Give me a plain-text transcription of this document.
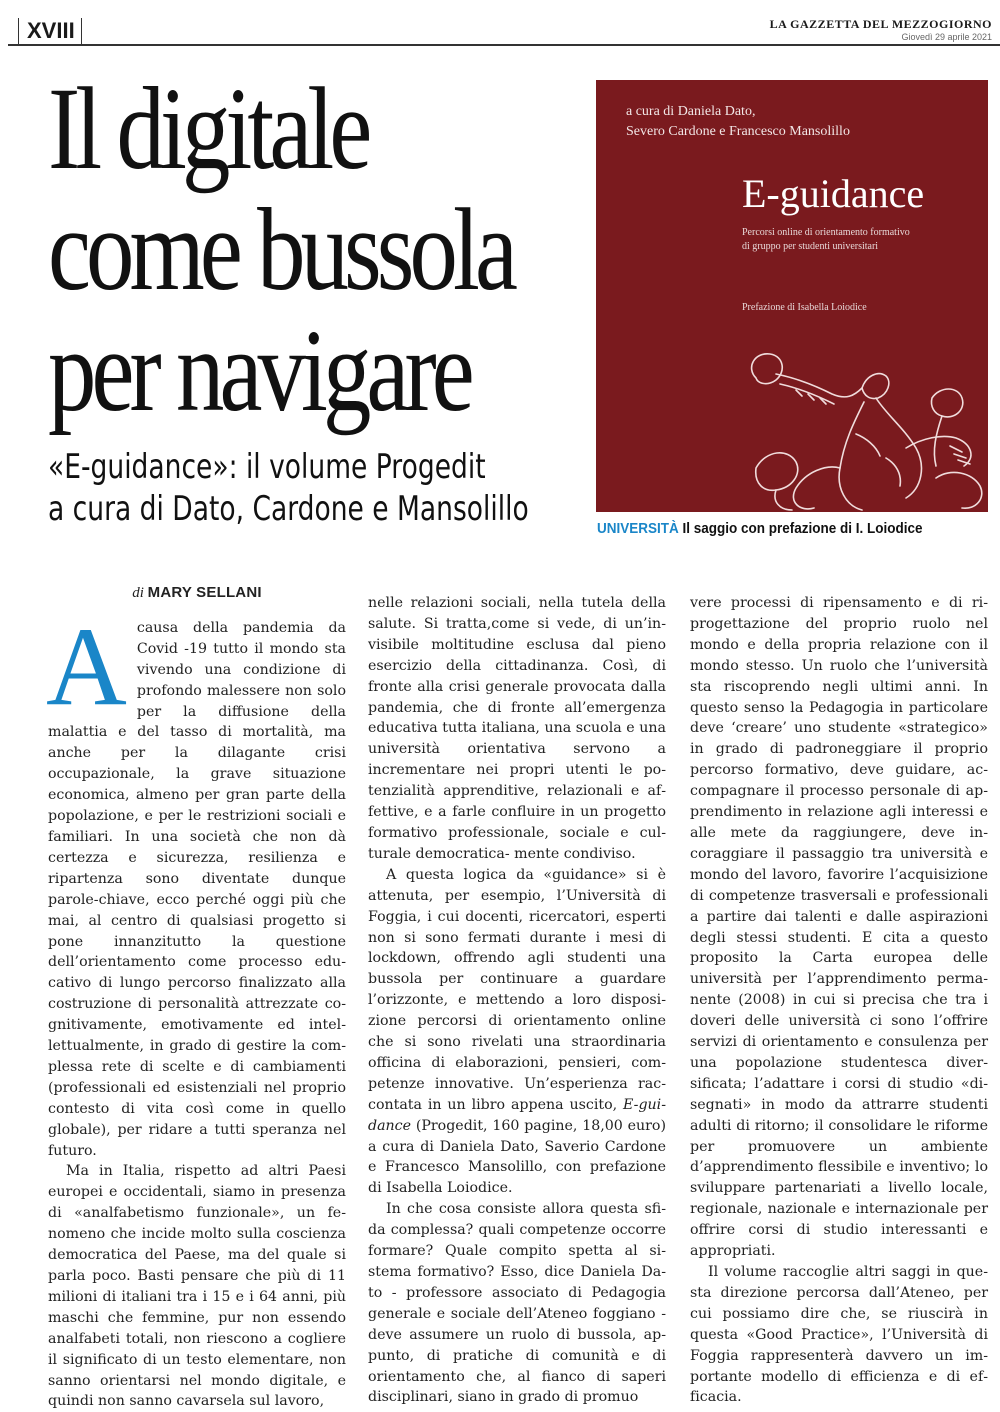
XVIII	LA GAZZETTA DEL MEZZOGIORNO
Giovedì 29 aprile 2021
Il digitale
come bussola
per navigare
«E-guidance»: il volume Progedit
a cura di Dato, Cardone e Mansolillo
a cura di Daniela Dato,
Severo Cardone e Francesco Mansolillo
E-guidance
Percorsi online di orientamento formativo
di gruppo per studenti universitari
Prefazione di Isabella Loiodice
UNIVERSITÀ Il saggio con prefazione di I. Loiodice
di MARY SELLANI

Acausa della pandemia da Covid -19 tutto il mondo sta vivendo una condizione di profondo malessere non solo per la diffusione della malattia e del tasso di mortalità, ma anche per la dilagante crisi occupazionale, la grave situazione economica, almeno per gran parte della popolazione, e per le restrizioni sociali e familiari. In una società che non dà certezza e sicurezza, resilienza e ripartenza sono diventate dunque parole-chiave, ecco perché oggi più che mai, al centro di qualsiasi progetto si pone innanzitutto la questione dell’orientamento come processo educativo di lungo percorso finalizzato alla costruzione di personalità attrezzate cognitivamente, emotivamente ed intellettualmente, in grado di gestire la complessa rete di scelte e di cambiamenti (professionali ed esistenziali nel proprio contesto di vita così come in quello globale), per ridare a tutti speranza nel futuro.

Ma in Italia, rispetto ad altri Paesi europei e occidentali, siamo in presenza di «analfabetismo funzionale», un fenomeno che incide molto sulla coscienza democratica del Paese, ma del quale si parla poco. Basti pensare che più di 11 milioni di italiani tra i 15 e i 64 anni, più maschi che femmine, pur non essendo analfabeti totali, non riescono a cogliere il significato di un testo elementare, non sanno orientarsi nel mondo digitale, e quindi non sanno cavarsela sul lavoro,

nelle relazioni sociali, nella tutela della salute. Si tratta,come si vede, di un’invisibile moltitudine esclusa dal pieno esercizio della cittadinanza. Così, di fronte alla crisi generale provocata dalla pandemia, che di fronte all’emergenza educativa tutta italiana, una scuola e una università orientativa servono a incrementare nei propri utenti le potenzialità apprenditive, relazionali e affettive, e a farle confluire in un progetto formativo professionale, sociale e culturale democratica- mente condiviso.

A questa logica da «guidance» si è attenuta, per esempio, l’Università di Foggia, i cui docenti, ricercatori, esperti non si sono fermati durante i mesi di lockdown, offrendo agli studenti una bussola per continuare a guardare l’orizzonte, e mettendo a loro disposizione percorsi di orientamento online che si sono rivelati una straordinaria officina di elaborazioni, pensieri, competenze innovative. Un’esperienza raccontata in un libro appena uscito, E-guidance (Progedit, 160 pagine, 18,00 euro) a cura di Daniela Dato, Saverio Cardone e Francesco Mansolillo, con prefazione di Isabella Loiodice.

In che cosa consiste allora questa sfida complessa? quali competenze occorre formare? Quale compito spetta al sistema formativo? Esso, dice Daniela Dato - professore associato di Pedagogia generale e sociale dell’Ateneo foggiano - deve assumere un ruolo di bussola, appunto, di pratiche di comunità e di orientamento che, al fianco di saperi disciplinari, siano in grado di promuo

vere processi di ripensamento e di riprogettazione del proprio ruolo nel mondo e della propria relazione con il mondo stesso. Un ruolo che l’università sta riscoprendo negli ultimi anni. In questo senso la Pedagogia in particolare deve ‘creare’ uno studente «strategico» in grado di padroneggiare il proprio percorso formativo, deve guidare, accompagnare il processo personale di apprendimento in relazione agli interessi e alle mete da raggiungere, deve incoraggiare il passaggio tra università e mondo del lavoro, favorire l’acquisizione di competenze trasversali e professionali a partire dai talenti e dalle aspirazioni degli stessi studenti. E cita a questo proposito la Carta europea delle università per l’apprendimento permanente (2008) in cui si precisa che tra i doveri delle università ci sono l’offrire servizi di orientamento e consulenza per una popolazione studentesca diversificata; l’adattare i corsi di studio «disegnati» in modo da attrarre studenti adulti di ritorno; il consolidare le riforme per promuovere un ambiente d’apprendimento flessibile e inventivo; lo sviluppare partenariati a livello locale, regionale, nazionale e internazionale per offrire corsi di studio interessanti e appropriati.

Il volume raccoglie altri saggi in questa direzione percorsa dall’Ateneo, per cui possiamo dire che, se riuscirà in questa «Good Practice», l’Università di Foggia rappresenterà davvero un importante modello di efficienza e di efficacia.
